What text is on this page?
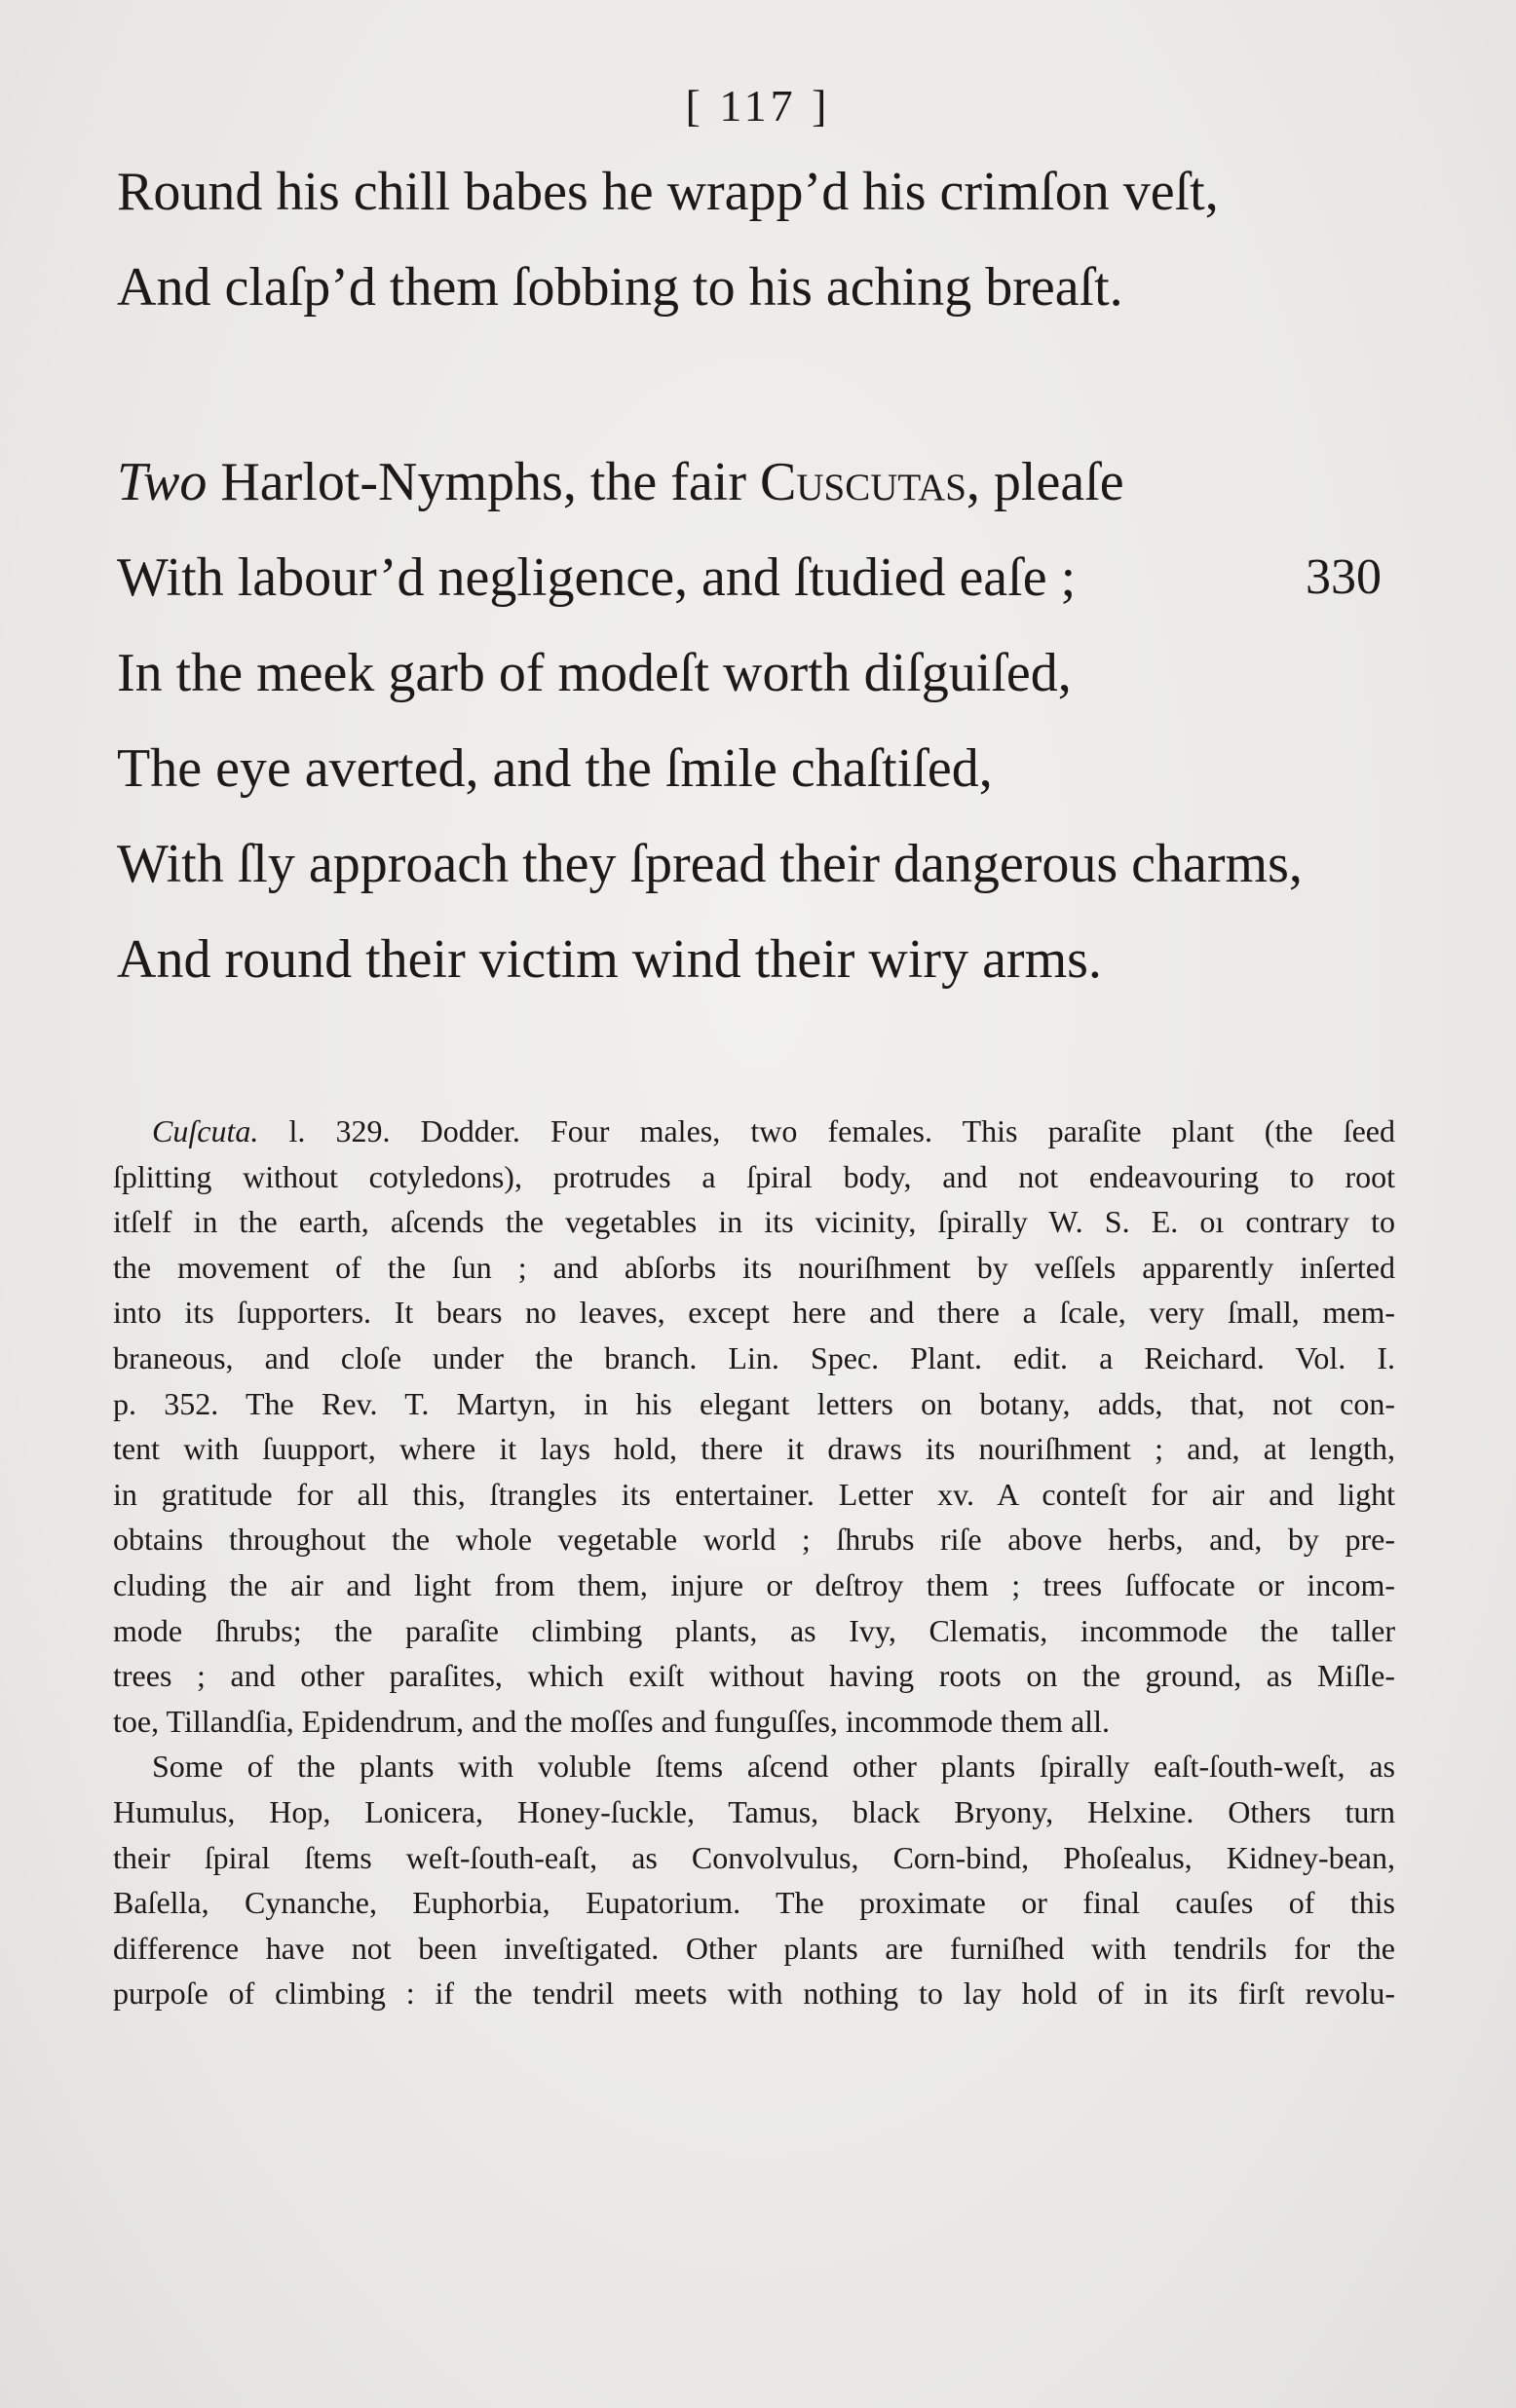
[ 117 ]
Round his chill babes he wrapp’d his crimſon veſt,
And claſp’d them ſobbing to his aching breaſt.
Two Harlot-Nymphs, the fair Cuscutas, pleaſe
With labour’d negligence, and ſtudied eaſe ;	330
In the meek garb of modeſt worth diſguiſed,
The eye averted, and the ſmile chaſtiſed,
With ſly approach they ſpread their dangerous charms,
And round their victim wind their wiry arms.

Cuſcuta. l. 329. Dodder. Four males, two females. This paraſite plant (the ſeed
ſplitting without cotyledons), protrudes a ſpiral body, and not endeavouring to root
itſelf in the earth, aſcends the vegetables in its vicinity, ſpirally W. S. E. oı contrary to
the movement of the ſun ; and abſorbs its nouriſhment by veſſels apparently inſerted
into its ſupporters. It bears no leaves, except here and there a ſcale, very ſmall, mem-
braneous, and cloſe under the branch. Lin. Spec. Plant. edit. a Reichard. Vol. I.
p. 352. The Rev. T. Martyn, in his elegant letters on botany, adds, that, not con-
tent with ſuupport, where it lays hold, there it draws its nouriſhment ; and, at length,
in gratitude for all this, ſtrangles its entertainer. Letter xv. A conteſt for air and light
obtains throughout the whole vegetable world ; ſhrubs riſe above herbs, and, by pre-
cluding the air and light from them, injure or deſtroy them ; trees ſuffocate or incom-
mode ſhrubs; the paraſite climbing plants, as Ivy, Clematis, incommode the taller
trees ; and other paraſites, which exiſt without having roots on the ground, as Miſle-
toe, Tillandſia, Epidendrum, and the moſſes and funguſſes, incommode them all.

Some of the plants with voluble ſtems aſcend other plants ſpirally eaſt-ſouth-weſt, as
Humulus, Hop, Lonicera, Honey-ſuckle, Tamus, black Bryony, Helxine. Others turn
their ſpiral ſtems weſt-ſouth-eaſt, as Convolvulus, Corn-bind, Phoſealus, Kidney-bean,
Baſella, Cynanche, Euphorbia, Eupatorium. The proximate or final cauſes of this
difference have not been inveſtigated. Other plants are furniſhed with tendrils for the
purpoſe of climbing : if the tendril meets with nothing to lay hold of in its firſt revolu-
